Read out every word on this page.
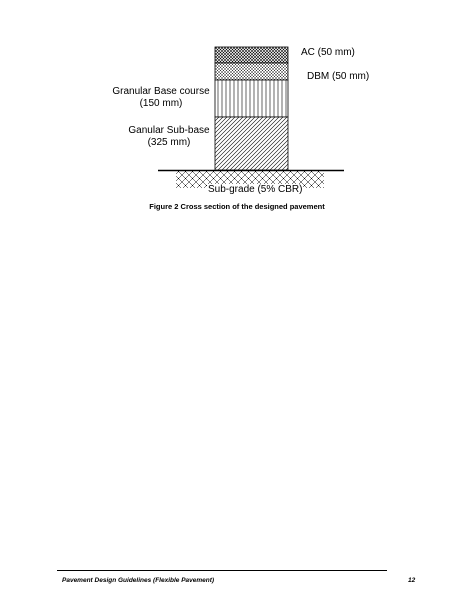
AC (50 mm)
DBM (50 mm)
Granular Base course
(150 mm)
Ganular Sub-base
(325 mm)
Sub-grade (5% CBR)
Figure 2 Cross section of the designed pavement
Pavement Design Guidelines (Flexible Pavement)	12
